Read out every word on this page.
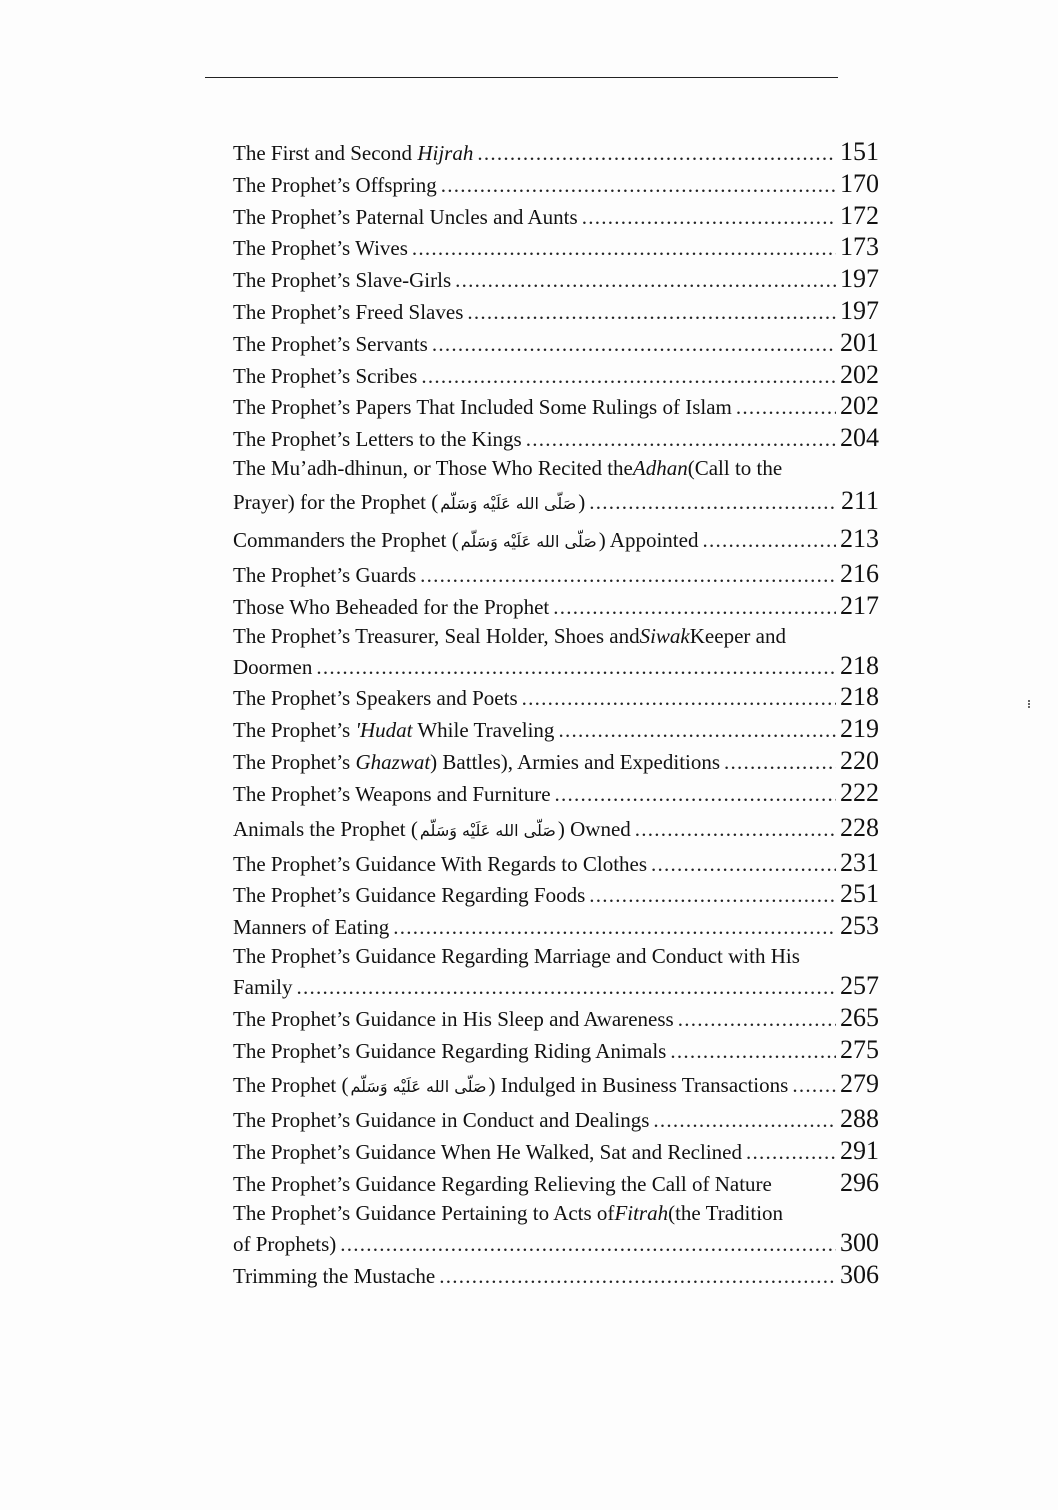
The First and Second Hijrah . . .	151
The Prophet’s Offspring . . .	170
The Prophet’s Paternal Uncles and Aunts . . .	172
The Prophet’s Wives . . .	173
The Prophet’s Slave-Girls . . .	197
The Prophet’s Freed Slaves . . .	197
The Prophet’s Servants . . .	201
The Prophet’s Scribes . . .	202
The Prophet’s Papers That Included Some Rulings of Islam . . .	202
The Prophet’s Letters to the Kings . . .	204
The Mu’adh-dhinun, or Those Who Recited the Adhan (Call to the
Prayer) for the Prophet ( صَلّى الله عَلَيْه وَسَلّم) . . .	211
Commanders the Prophet ( صَلّى الله عَلَيْه وَسَلّم) Appointed . . .	213
The Prophet’s Guards . . .	216
Those Who Beheaded for the Prophet . . .	217
The Prophet’s Treasurer, Seal Holder, Shoes and Siwak Keeper and
Doormen . . .	218
The Prophet’s Speakers and Poets . . .	218
The Prophet’s 'Hudat While Traveling . . .	219
The Prophet’s Ghazwat) Battles), Armies and Expeditions . . .	220
The Prophet’s Weapons and Furniture . . .	222
Animals the Prophet ( صَلّى الله عَلَيْه وَسَلّم) Owned . . .	228
The Prophet’s Guidance With Regards to Clothes . . .	231
The Prophet’s Guidance Regarding Foods . . .	251
Manners of Eating . . .	253
The Prophet’s Guidance Regarding Marriage and Conduct with His
Family . . .	257
The Prophet’s Guidance in His Sleep and Awareness . . .	265
The Prophet’s Guidance Regarding Riding Animals . . .	275
The Prophet ( صَلّى الله عَلَيْه وَسَلّم) Indulged in Business Transactions . . . 279
The Prophet’s Guidance in Conduct and Dealings . . .	288
The Prophet’s Guidance When He Walked, Sat and Reclined . . .	291
The Prophet’s Guidance Regarding Relieving the Call of Nature	296
The Prophet’s Guidance Pertaining to Acts of Fitrah (the Tradition
of Prophets) . . .	300
Trimming the Mustache . . .	306
